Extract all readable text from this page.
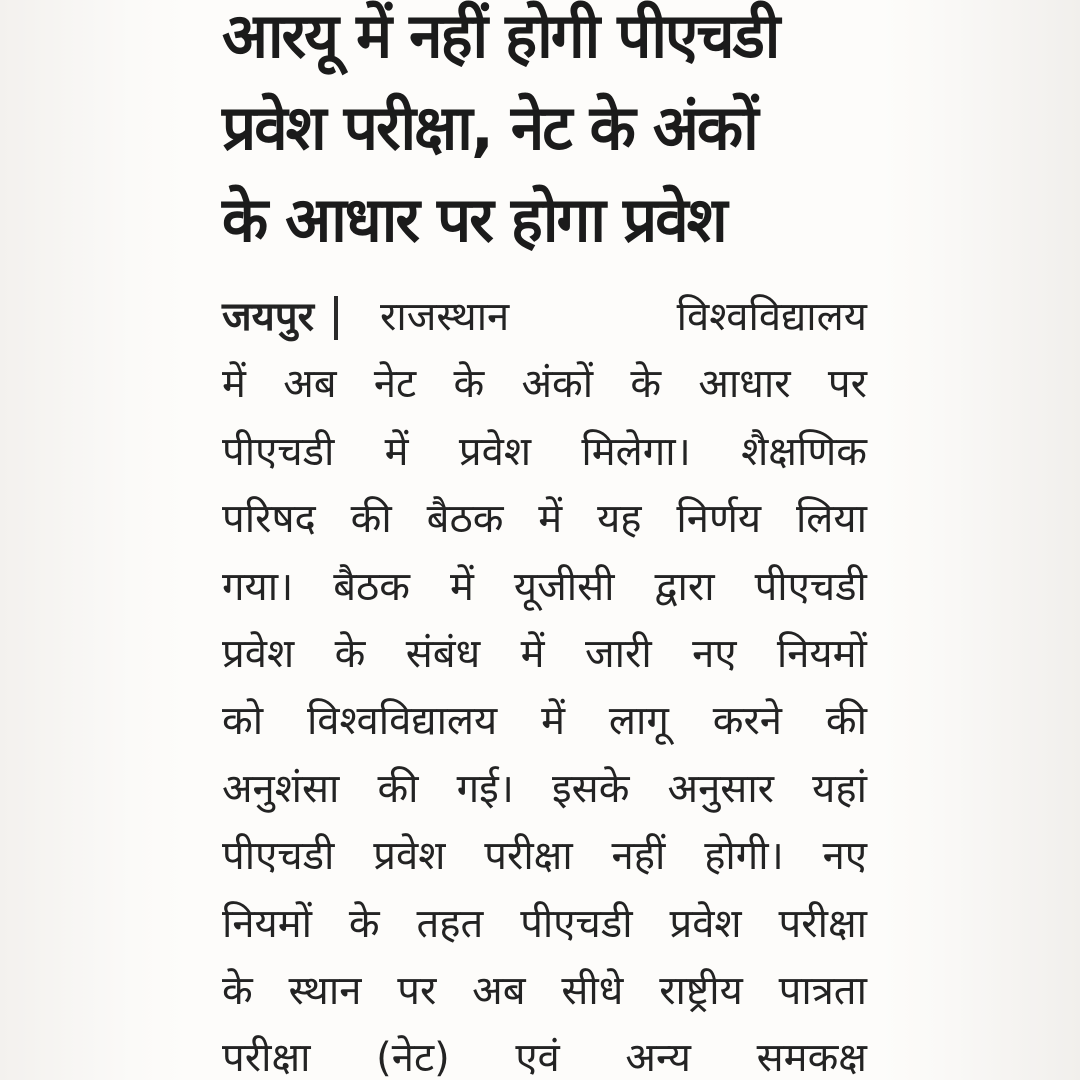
आरयू में नहीं होगी पीएचडी
प्रवेश परीक्षा, नेट के अंकों
के आधार पर होगा प्रवेश
जयपुर राजस्थान	विश्वविद्यालय
में अब नेट के अंकों के आधार पर
पीएचडी में प्रवेश मिलेगा। शैक्षणिक
परिषद की बैठक में यह निर्णय लिया
गया। बैठक में यूजीसी द्वारा पीएचडी
प्रवेश के संबंध में जारी नए नियमों
को विश्वविद्यालय में लागू करने की
अनुशंसा की गई। इसके अनुसार यहां
पीएचडी प्रवेश परीक्षा नहीं होगी। नए
नियमों के तहत पीएचडी प्रवेश परीक्षा
के स्थान पर अब सीधे राष्ट्रीय पात्रता
परीक्षा (नेट) एवं अन्य समकक्ष
